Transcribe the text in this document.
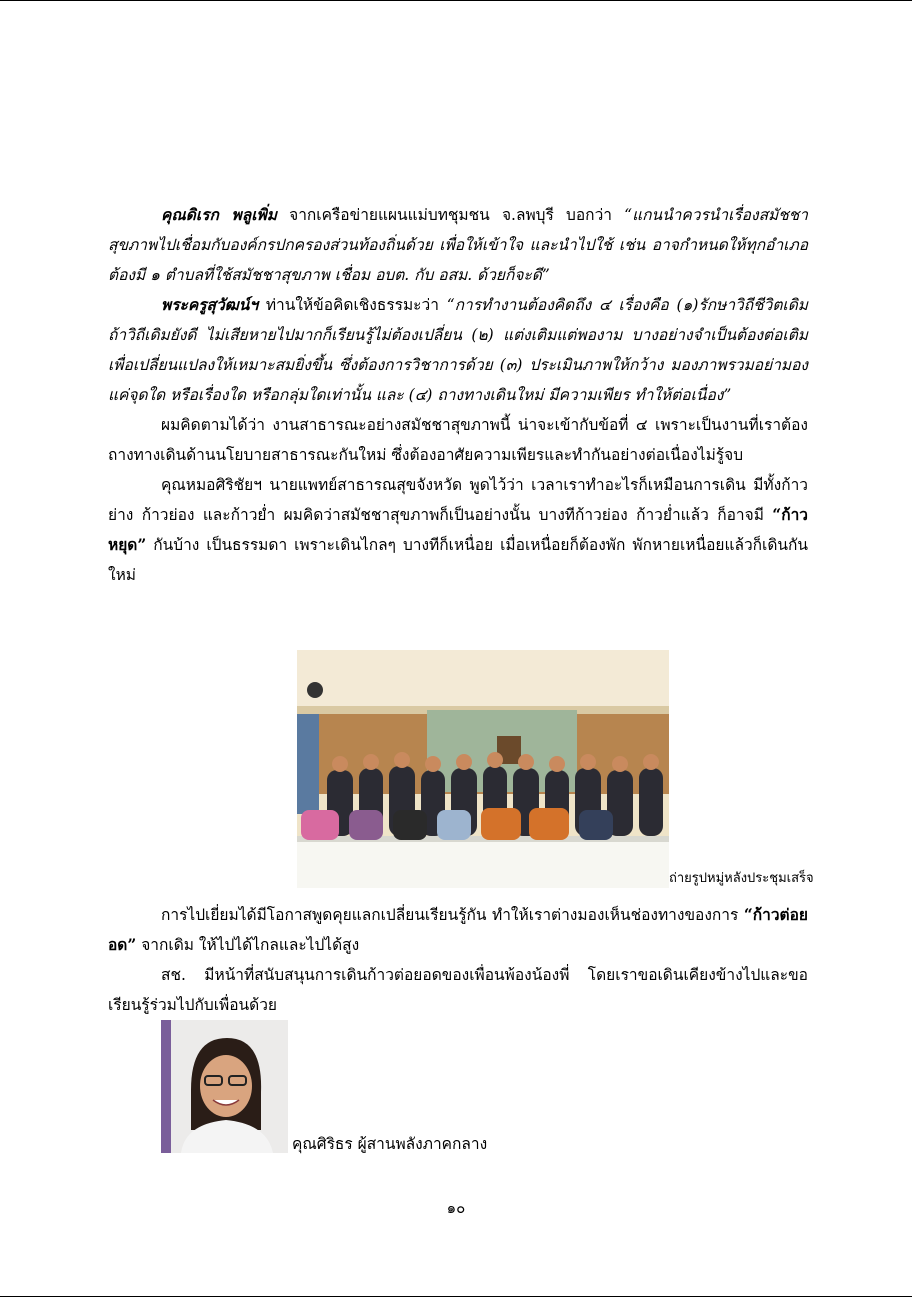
คุณดิเรก พลูเพิ่ม จากเครือข่ายแผนแม่บทชุมชน จ.ลพบุรี บอกว่า “แกนนำควรนำเรื่องสมัชชาสุขภาพไปเชื่อมกับองค์กรปกครองส่วนท้องถิ่นด้วย เพื่อให้เข้าใจ และนำไปใช้ เช่น อาจกำหนดให้ทุกอำเภอต้องมี ๑ ตำบลที่ใช้สมัชชาสุขภาพ เชื่อม อบต. กับ อสม. ด้วยก็จะดี”

พระครูสุวัฒน์ฯ ท่านให้ข้อคิดเชิงธรรมะว่า “การทำงานต้องคิดถึง ๔ เรื่องคือ (๑)รักษาวิถีชีวิตเดิม ถ้าวิถีเดิมยังดี ไม่เสียหายไปมากก็เรียนรู้ไม่ต้องเปลี่ยน (๒) แต่งเติมแต่พองาม บางอย่างจำเป็นต้องต่อเติมเพื่อเปลี่ยนแปลงให้เหมาะสมยิ่งขึ้น ซึ่งต้องการวิชาการด้วย (๓) ประเมินภาพให้กว้าง มองภาพรวมอย่ามองแค่จุดใด หรือเรื่องใด หรือกลุ่มใดเท่านั้น และ (๔) ถางทางเดินใหม่ มีความเพียร ทำให้ต่อเนื่อง”

ผมคิดตามได้ว่า งานสาธารณะอย่างสมัชชาสุขภาพนี้ น่าจะเข้ากับข้อที่ ๔ เพราะเป็นงานที่เราต้องถางทางเดินด้านนโยบายสาธารณะกันใหม่ ซึ่งต้องอาศัยความเพียรและทำกันอย่างต่อเนื่องไม่รู้จบ

คุณหมอศิริชัยฯ นายแพทย์สาธารณสุขจังหวัด พูดไว้ว่า เวลาเราทำอะไรก็เหมือนการเดิน มีทั้งก้าวย่าง ก้าวย่อง และก้าวย่ำ ผมคิดว่าสมัชชาสุขภาพก็เป็นอย่างนั้น บางทีก้าวย่อง ก้าวย่ำแล้ว ก็อาจมี “ก้าวหยุด” กันบ้าง เป็นธรรมดา เพราะเดินไกลๆ บางทีก็เหนื่อย เมื่อเหนื่อยก็ต้องพัก พักหายเหนื่อยแล้วก็เดินกันใหม่

ถ่ายรูปหมู่หลังประชุมเสร็จ

การไปเยี่ยมได้มีโอกาสพูดคุยแลกเปลี่ยนเรียนรู้กัน ทำให้เราต่างมองเห็นช่องทางของการ “ก้าวต่อยอด” จากเดิม ให้ไปได้ไกลและไปได้สูง

สช. มีหน้าที่สนับสนุนการเดินก้าวต่อยอดของเพื่อนพ้องน้องพี่ โดยเราขอเดินเคียงข้างไปและขอเรียนรู้ร่วมไปกับเพื่อนด้วย

คุณศิริธร ผู้สานพลังภาคกลาง
๑๐
